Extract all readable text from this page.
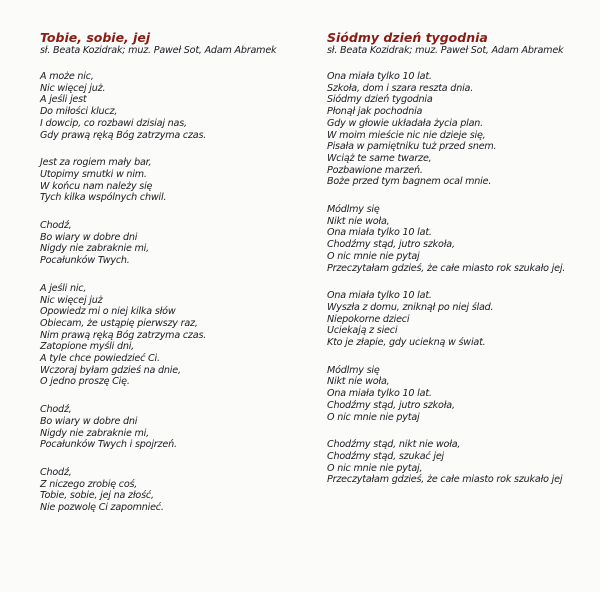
Tobie, sobie, jej
sł. Beata Kozidrak; muz. Paweł Sot, Adam Abramek
A może nic,
Nic więcej już.
A jeśli jest
Do miłości klucz,
I dowcip, co rozbawi dzisiaj nas,
Gdy prawą ręką Bóg zatrzyma czas.
Jest za rogiem mały bar,
Utopimy smutki w nim.
W końcu nam należy się
Tych kilka wspólnych chwil.
Chodź,
Bo wiary w dobre dni
Nigdy nie zabraknie mi,
Pocałunków Twych.
A jeśli nic,
Nic więcej już
Opowiedz mi o niej kilka słów
Obiecam, że ustąpię pierwszy raz,
Nim prawą ręką Bóg zatrzyma czas.
Zatopione myśli dni,
A tyle chce powiedzieć Ci.
Wczoraj byłam gdzieś na dnie,
O jedno proszę Cię.
Chodź,
Bo wiary w dobre dni
Nigdy nie zabraknie mi,
Pocałunków Twych i spojrzeń.
Chodź,
Z niczego zrobię coś,
Tobie, sobie, jej na złość,
Nie pozwolę Ci zapomnieć.
Siódmy dzień tygodnia
sł. Beata Kozidrak; muz. Paweł Sot, Adam Abramek
Ona miała tylko 10 lat.
Szkoła, dom i szara reszta dnia.
Siódmy dzień tygodnia
Płonął jak pochodnia
Gdy w głowie układała życia plan.
W moim mieście nic nie dzieje się,
Pisała w pamiętniku tuż przed snem.
Wciąż te same twarze,
Pozbawione marzeń.
Boże przed tym bagnem ocal mnie.
Módlmy się
Nikt nie woła,
Ona miała tylko 10 lat.
Chodźmy stąd, jutro szkoła,
O nic mnie nie pytaj
Przeczytałam gdzieś, że całe miasto rok szukało jej.
Ona miała tylko 10 lat.
Wyszła z domu, zniknął po niej ślad.
Niepokorne dzieci
Uciekają z sieci
Kto je złapie, gdy uciekną w świat.
Módlmy się
Nikt nie woła,
Ona miała tylko 10 lat.
Chodźmy stąd, jutro szkoła,
O nic mnie nie pytaj
Chodźmy stąd, nikt nie woła,
Chodźmy stąd, szukać jej
O nic mnie nie pytaj,
Przeczytałam gdzieś, że całe miasto rok szukało jej
